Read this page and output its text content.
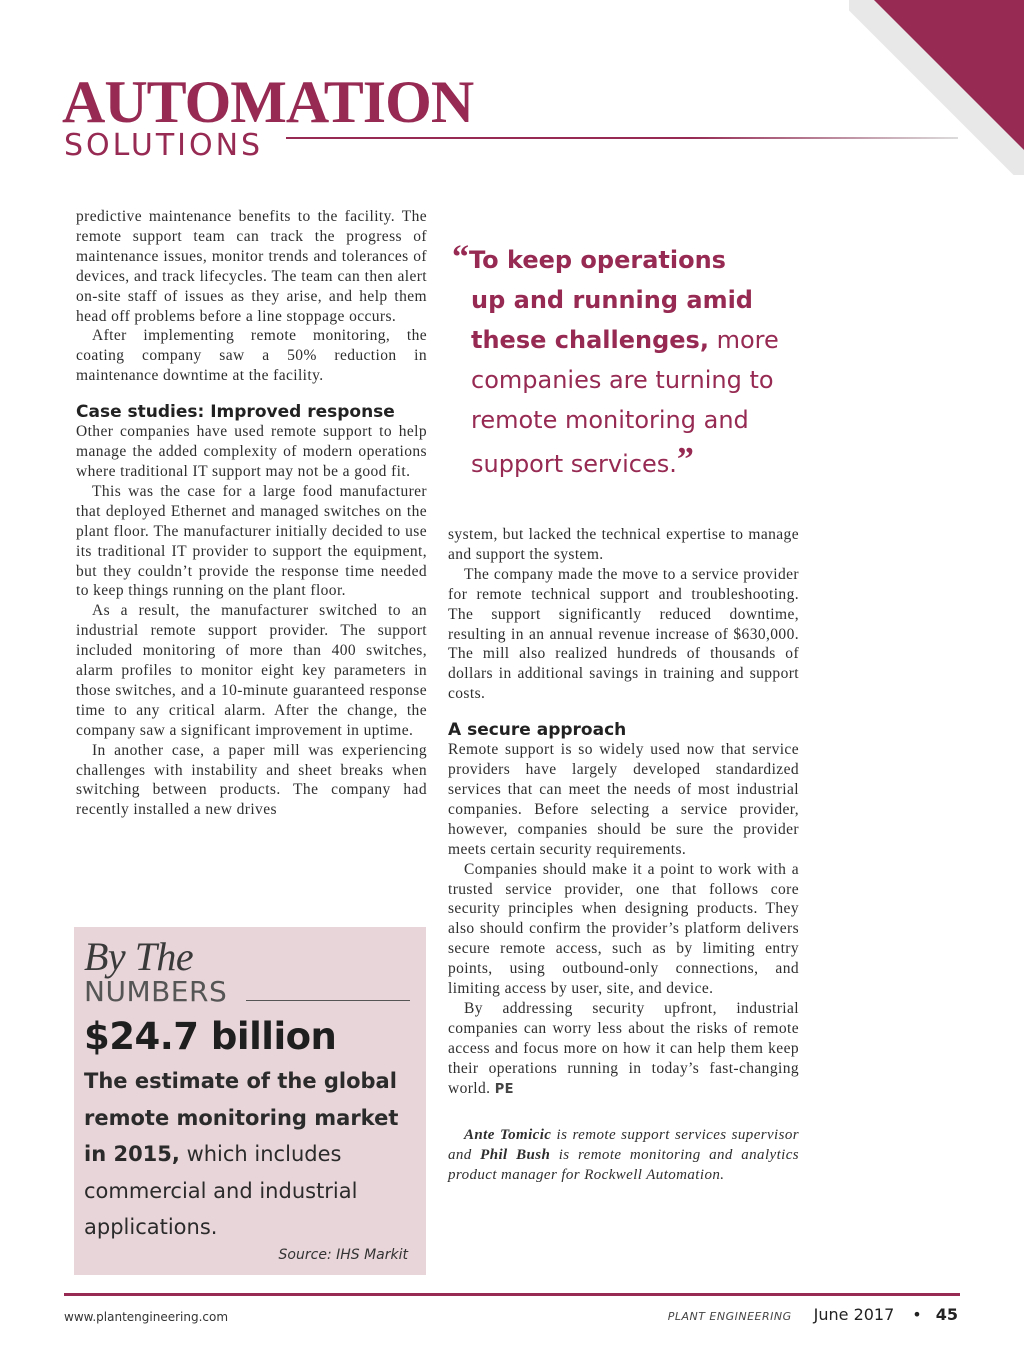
AUTOMATION
SOLUTIONS

predictive maintenance benefits to the facility. The remote support team can track the progress of maintenance issues, monitor trends and tolerances of devices, and track lifecycles. The team can then alert on-site staff of issues as they arise, and help them head off problems before a line stoppage occurs.

After implementing remote monitoring, the coating company saw a 50% reduction in maintenance downtime at the facility.

Case studies: Improved response

Other companies have used remote support to help manage the added complexity of modern operations where traditional IT support may not be a good fit.

This was the case for a large food manufacturer that deployed Ethernet and managed switches on the plant floor. The manufacturer initially decided to use its traditional IT provider to support the equipment, but they couldn’t provide the response time needed to keep things running on the plant floor.

As a result, the manufacturer switched to an industrial remote support provider. The support included monitoring of more than 400 switches, alarm profiles to monitor eight key parameters in those switches, and a 10-minute guaranteed response time to any critical alarm. After the change, the company saw a significant improvement in uptime.

In another case, a paper mill was experiencing challenges with instability and sheet breaks when switching between products. The company had recently installed a new drives

“To keep operations
up and running amid
these challenges, more companies are turning to remote monitoring and support services.”

system, but lacked the technical expertise to manage and support the system.

The company made the move to a service provider for remote technical support and troubleshooting. The support significantly reduced downtime, resulting in an annual revenue increase of $630,000. The mill also realized hundreds of thousands of dollars in additional savings in training and support costs.

A secure approach

Remote support is so widely used now that service providers have largely developed standardized services that can meet the needs of most industrial companies. Before selecting a service provider, however, companies should be sure the provider meets certain security requirements.

Companies should make it a point to work with a trusted service provider, one that follows core security principles when designing products. They also should confirm the provider’s platform delivers secure remote access, such as by limiting entry points, using outbound-only connections, and limiting access by user, site, and device.

By addressing security upfront, industrial companies can worry less about the risks of remote access and focus more on how it can help them keep their operations running in today’s fast-changing world. PE

Ante Tomicic is remote support services supervisor and Phil Bush is remote monitoring and analytics product manager for Rockwell Automation.

By The
NUMBERS
$24.7 billion
The estimate of the global remote monitoring market in 2015, which includes commercial and industrial applications.
Source: IHS Markit
www.plantengineering.com	PLANT ENGINEERING June 2017 • 45
